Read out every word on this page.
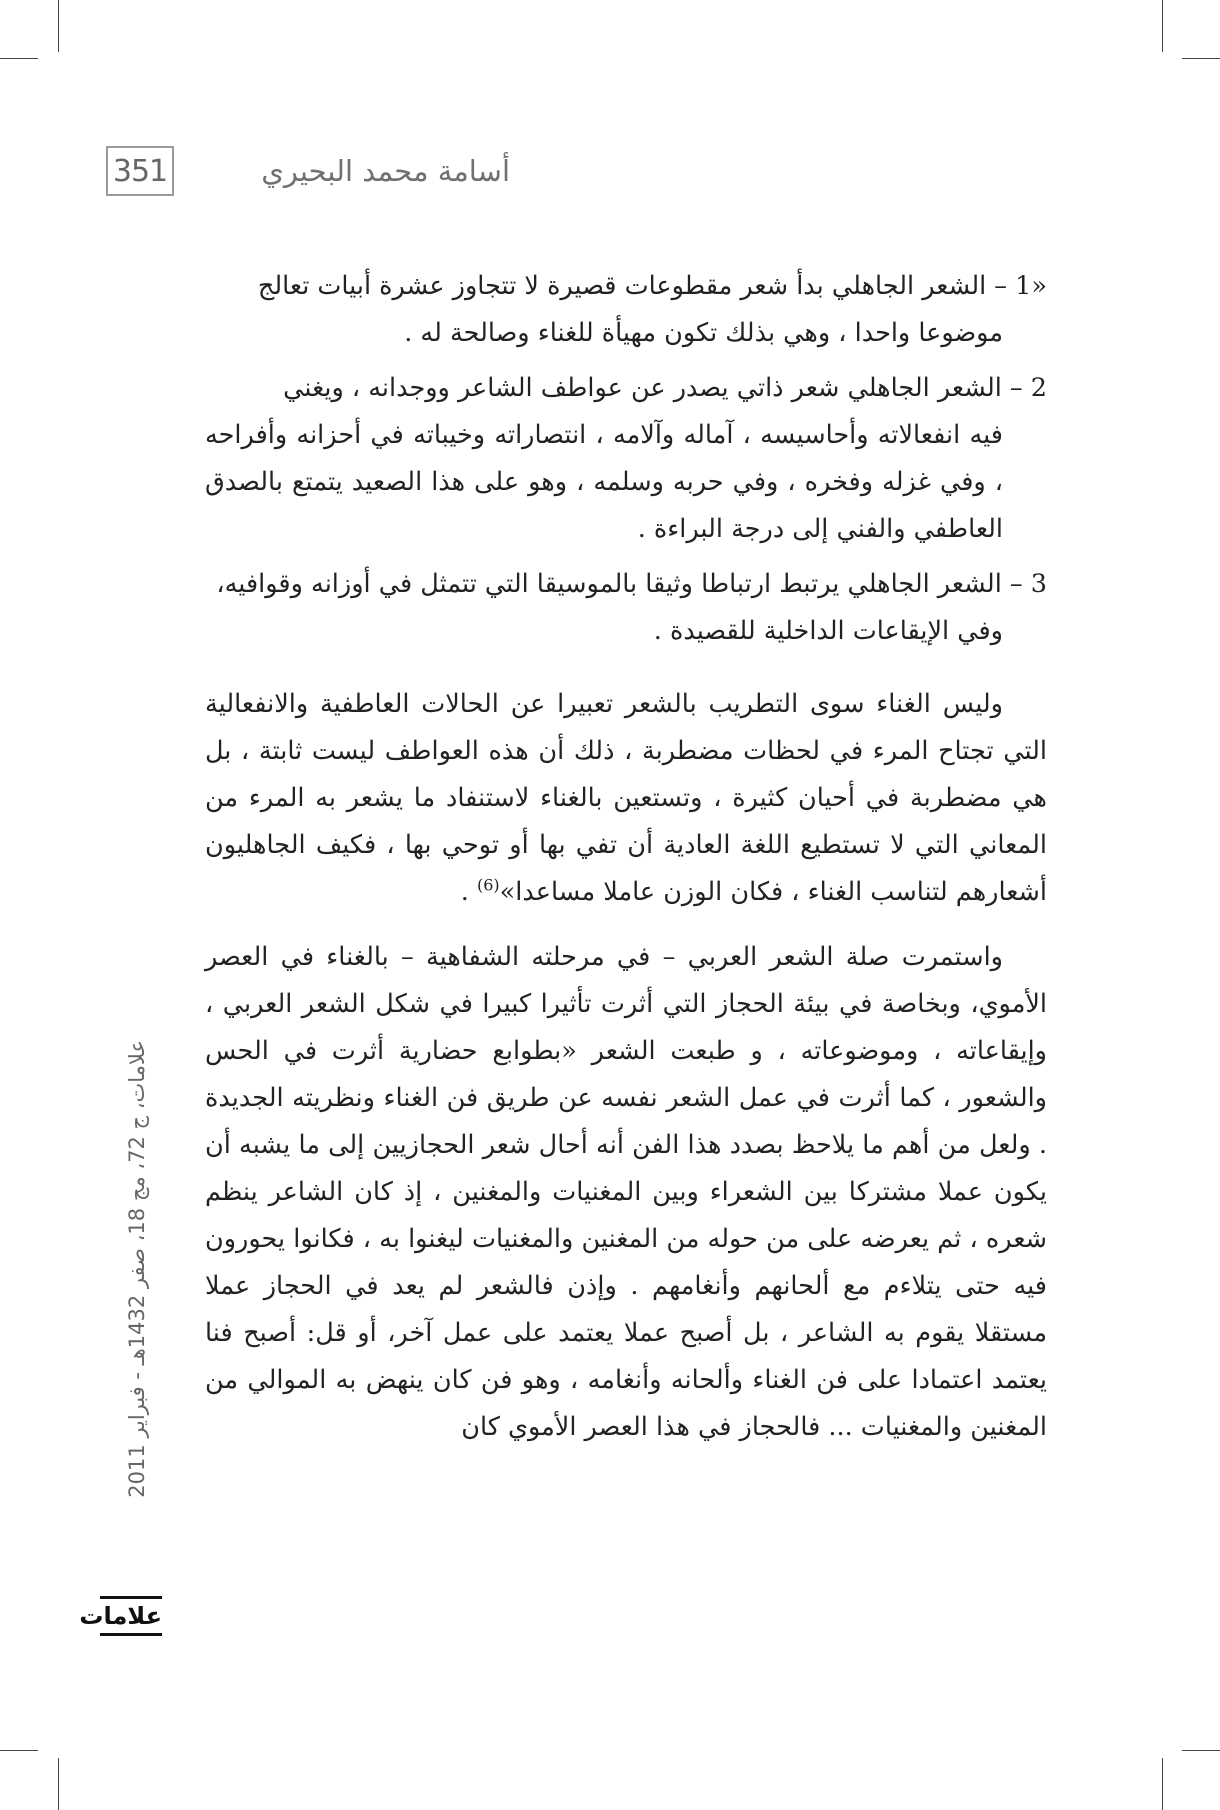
351	أسامة محمد البحيري

«1 – الشعر الجاهلي بدأ شعر مقطوعات قصيرة لا تتجاوز عشرة أبيات تعالج

موضوعا واحدا ، وهي بذلك تكون مهيأة للغناء وصالحة له .

2 – الشعر الجاهلي شعر ذاتي يصدر عن عواطف الشاعر ووجدانه ، ويغني

فيه انفعالاته وأحاسيسه ، آماله وآلامه ، انتصاراته وخيباته في أحزانه وأفراحه ، وفي غزله وفخره ، وفي حربه وسلمه ، وهو على هذا الصعيد يتمتع بالصدق العاطفي والفني إلى درجة البراءة .

3 – الشعر الجاهلي يرتبط ارتباطا وثيقا بالموسيقا التي تتمثل في أوزانه وقوافيه،

وفي الإيقاعات الداخلية للقصيدة .

وليس الغناء سوى التطريب بالشعر تعبيرا عن الحالات العاطفية والانفعالية التي تجتاح المرء في لحظات مضطربة ، ذلك أن هذه العواطف ليست ثابتة ، بل هي مضطربة في أحيان كثيرة ، وتستعين بالغناء لاستنفاد ما يشعر به المرء من المعاني التي لا تستطيع اللغة العادية أن تفي بها أو توحي بها ، فكيف الجاهليون أشعارهم لتناسب الغناء ، فكان الوزن عاملا مساعدا»$^{(6)}$ .

واستمرت صلة الشعر العربي – في مرحلته الشفاهية – بالغناء في العصر الأموي، وبخاصة في بيئة الحجاز التي أثرت تأثيرا كبيرا في شكل الشعر العربي ، وإيقاعاته ، وموضوعاته ، و طبعت الشعر «بطوابع حضارية أثرت في الحس والشعور ، كما أثرت في عمل الشعر نفسه عن طريق فن الغناء ونظريته الجديدة . ولعل من أهم ما يلاحظ بصدد هذا الفن أنه أحال شعر الحجازيين إلى ما يشبه أن يكون عملا مشتركا بين الشعراء وبين المغنيات والمغنين ، إذ كان الشاعر ينظم شعره ، ثم يعرضه على من حوله من المغنين والمغنيات ليغنوا به ، فكانوا يحورون فيه حتى يتلاءم مع ألحانهم وأنغامهم . وإذن فالشعر لم يعد في الحجاز عملا مستقلا يقوم به الشاعر ، بل أصبح عملا يعتمد على عمل آخر، أو قل: أصبح فنا يعتمد اعتمادا على فن الغناء وألحانه وأنغامه ، وهو فن كان ينهض به الموالي من المغنين والمغنيات ... فالحجاز في هذا العصر الأموي كان

علامات، ج 72، مج 18، صفر 1432هـ - فبراير 2011
علامات
